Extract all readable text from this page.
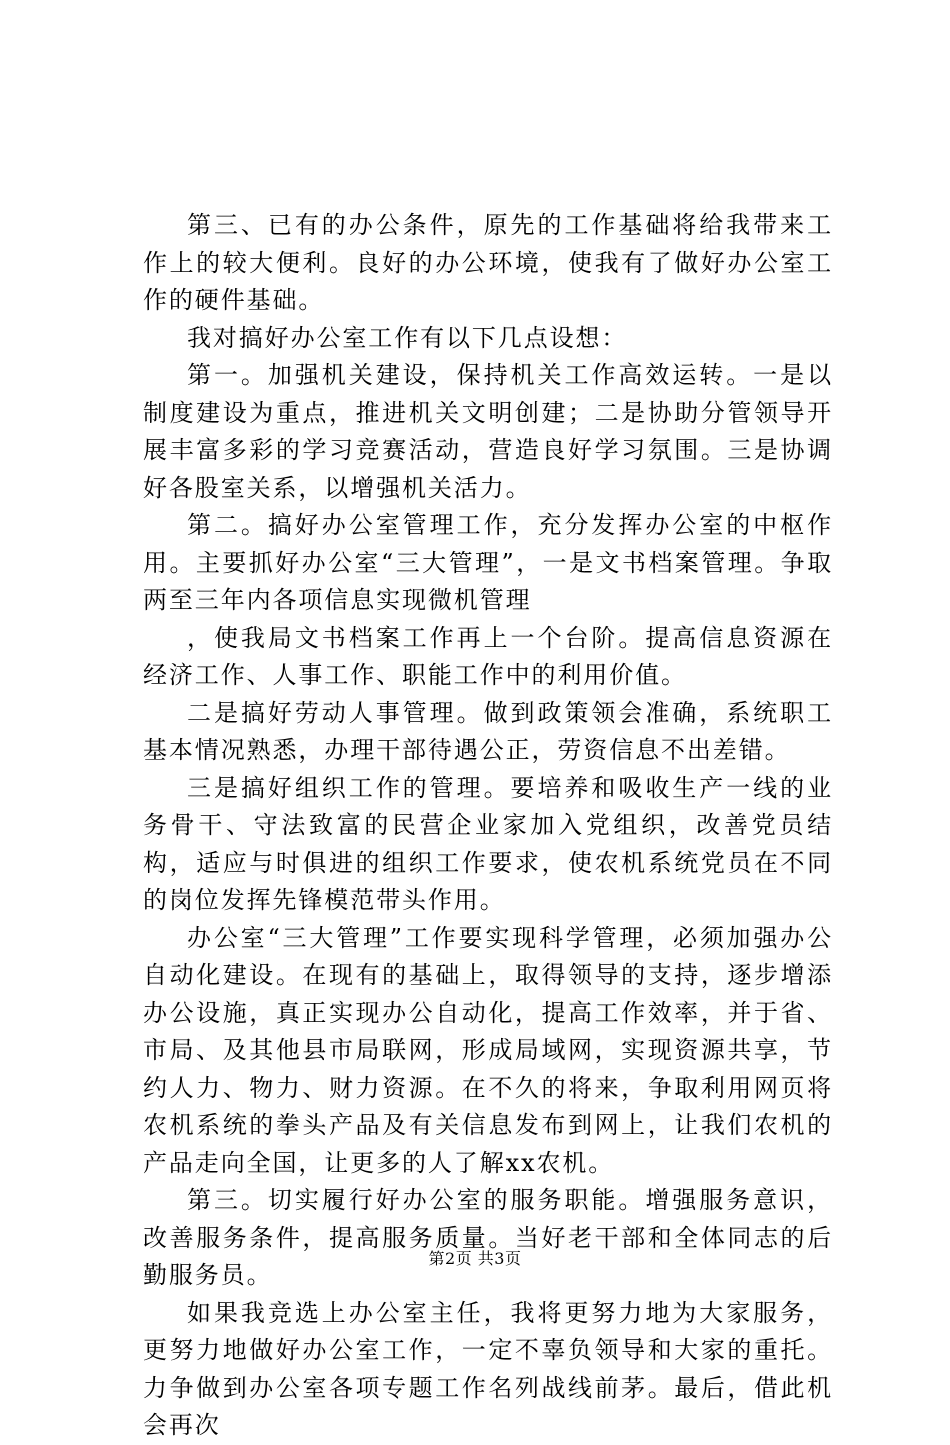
第三、已有的办公条件，原先的工作基础将给我带来工作上的较大便利。良好的办公环境，使我有了做好办公室工作的硬件基础。

我对搞好办公室工作有以下几点设想：

第一。加强机关建设，保持机关工作高效运转。一是以制度建设为重点，推进机关文明创建；二是协助分管领导开展丰富多彩的学习竞赛活动，营造良好学习氛围。三是协调好各股室关系，以增强机关活力。

第二。搞好办公室管理工作，充分发挥办公室的中枢作用。主要抓好办公室“三大管理”，一是文书档案管理。争取两至三年内各项信息实现微机管理

，使我局文书档案工作再上一个台阶。提高信息资源在经济工作、人事工作、职能工作中的利用价值。

二是搞好劳动人事管理。做到政策领会准确，系统职工基本情况熟悉，办理干部待遇公正，劳资信息不出差错。

三是搞好组织工作的管理。要培养和吸收生产一线的业务骨干、守法致富的民营企业家加入党组织，改善党员结构，适应与时俱进的组织工作要求，使农机系统党员在不同的岗位发挥先锋模范带头作用。

办公室“三大管理”工作要实现科学管理，必须加强办公自动化建设。在现有的基础上，取得领导的支持，逐步增添办公设施，真正实现办公自动化，提高工作效率，并于省、市局、及其他县市局联网，形成局域网，实现资源共享，节约人力、物力、财力资源。在不久的将来，争取利用网页将农机系统的拳头产品及有关信息发布到网上，让我们农机的产品走向全国，让更多的人了解xx农机。

第三。切实履行好办公室的服务职能。增强服务意识，改善服务条件，提高服务质量。当好老干部和全体同志的后勤服务员。

如果我竞选上办公室主任，我将更努力地为大家服务，更努力地做好办公室工作，一定不辜负领导和大家的重托。力争做到办公室各项专题工作名列战线前茅。最后，借此机会再次

第2页 共3页
